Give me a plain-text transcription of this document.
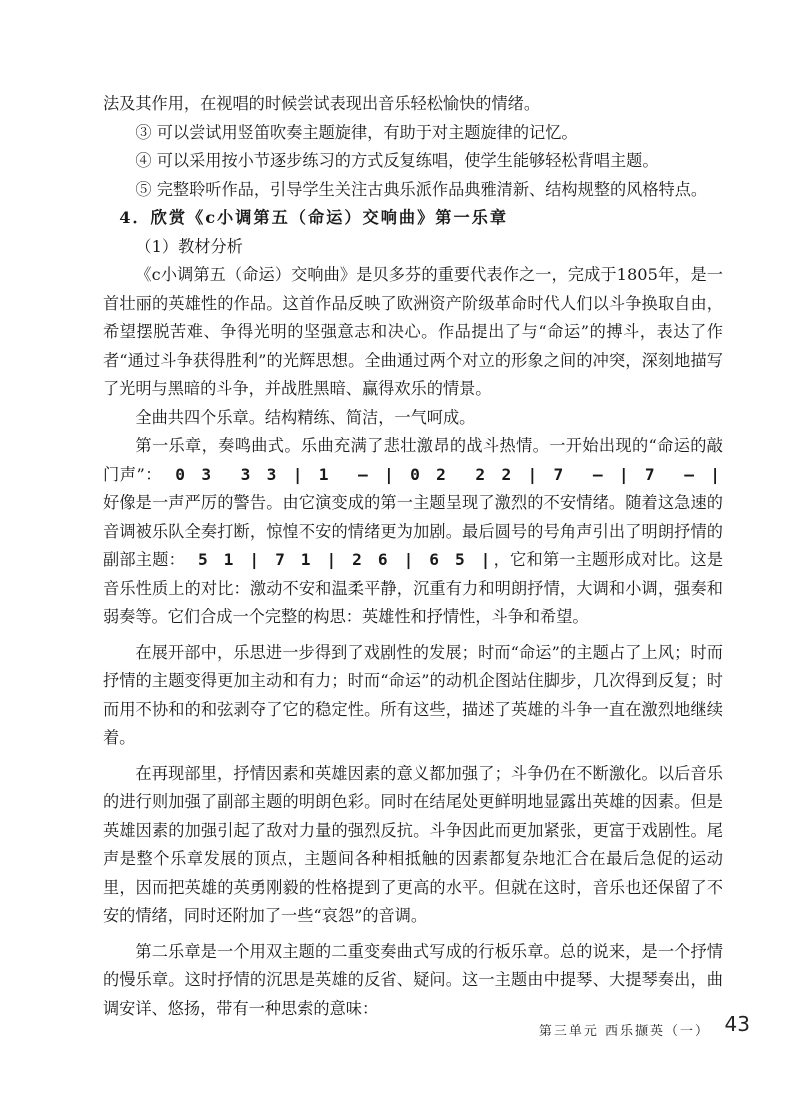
法及其作用，在视唱的时候尝试表现出音乐轻松愉快的情绪。

③ 可以尝试用竖笛吹奏主题旋律，有助于对主题旋律的记忆。

④ 可以采用按小节逐步练习的方式反复练唱，使学生能够轻松背唱主题。

⑤ 完整聆听作品，引导学生关注古典乐派作品典雅清新、结构规整的风格特点。

4．欣赏《c小调第五（命运）交响曲》第一乐章

（1）教材分析

《c小调第五（命运）交响曲》是贝多芬的重要代表作之一，完成于1805年，是一首壮丽的英雄性的作品。这首作品反映了欧洲资产阶级革命时代人们以斗争换取自由，希望摆脱苦难、争得光明的坚强意志和决心。作品提出了与“命运”的搏斗，表达了作者“通过斗争获得胜利”的光辉思想。全曲通过两个对立的形象之间的冲突，深刻地描写了光明与黑暗的斗争，并战胜黑暗、赢得欢乐的情景。

全曲共四个乐章。结构精练、简洁，一气呵成。

第一乐章，奏鸣曲式。乐曲充满了悲壮激昂的战斗热情。一开始出现的“命运的敲门声”： 0 3  3 3 | 1  – | 0 2  2 2 | 7  – | 7  – |好像是一声严厉的警告。由它演变成的第一主题呈现了激烈的不安情绪。随着这急速的音调被乐队全奏打断，惊惶不安的情绪更为加剧。最后圆号的号角声引出了明朗抒情的副部主题： 5 1 | 7 1 | 2 6 | 6 5 |，它和第一主题形成对比。这是音乐性质上的对比：激动不安和温柔平静，沉重有力和明朗抒情，大调和小调，强奏和弱奏等。它们合成一个完整的构思：英雄性和抒情性，斗争和希望。

在展开部中，乐思进一步得到了戏剧性的发展；时而“命运”的主题占了上风；时而抒情的主题变得更加主动和有力；时而“命运”的动机企图站住脚步，几次得到反复；时而用不协和的和弦剥夺了它的稳定性。所有这些，描述了英雄的斗争一直在激烈地继续着。

在再现部里，抒情因素和英雄因素的意义都加强了；斗争仍在不断激化。以后音乐的进行则加强了副部主题的明朗色彩。同时在结尾处更鲜明地显露出英雄的因素。但是英雄因素的加强引起了敌对力量的强烈反抗。斗争因此而更加紧张，更富于戏剧性。尾声是整个乐章发展的顶点，主题间各种相抵触的因素都复杂地汇合在最后急促的运动里，因而把英雄的英勇刚毅的性格提到了更高的水平。但就在这时，音乐也还保留了不安的情绪，同时还附加了一些“哀怨”的音调。

第二乐章是一个用双主题的二重变奏曲式写成的行板乐章。总的说来，是一个抒情的慢乐章。这时抒情的沉思是英雄的反省、疑问。这一主题由中提琴、大提琴奏出，曲调安详、悠扬，带有一种思索的意味：

第三单元 西乐撷英（一） 43
